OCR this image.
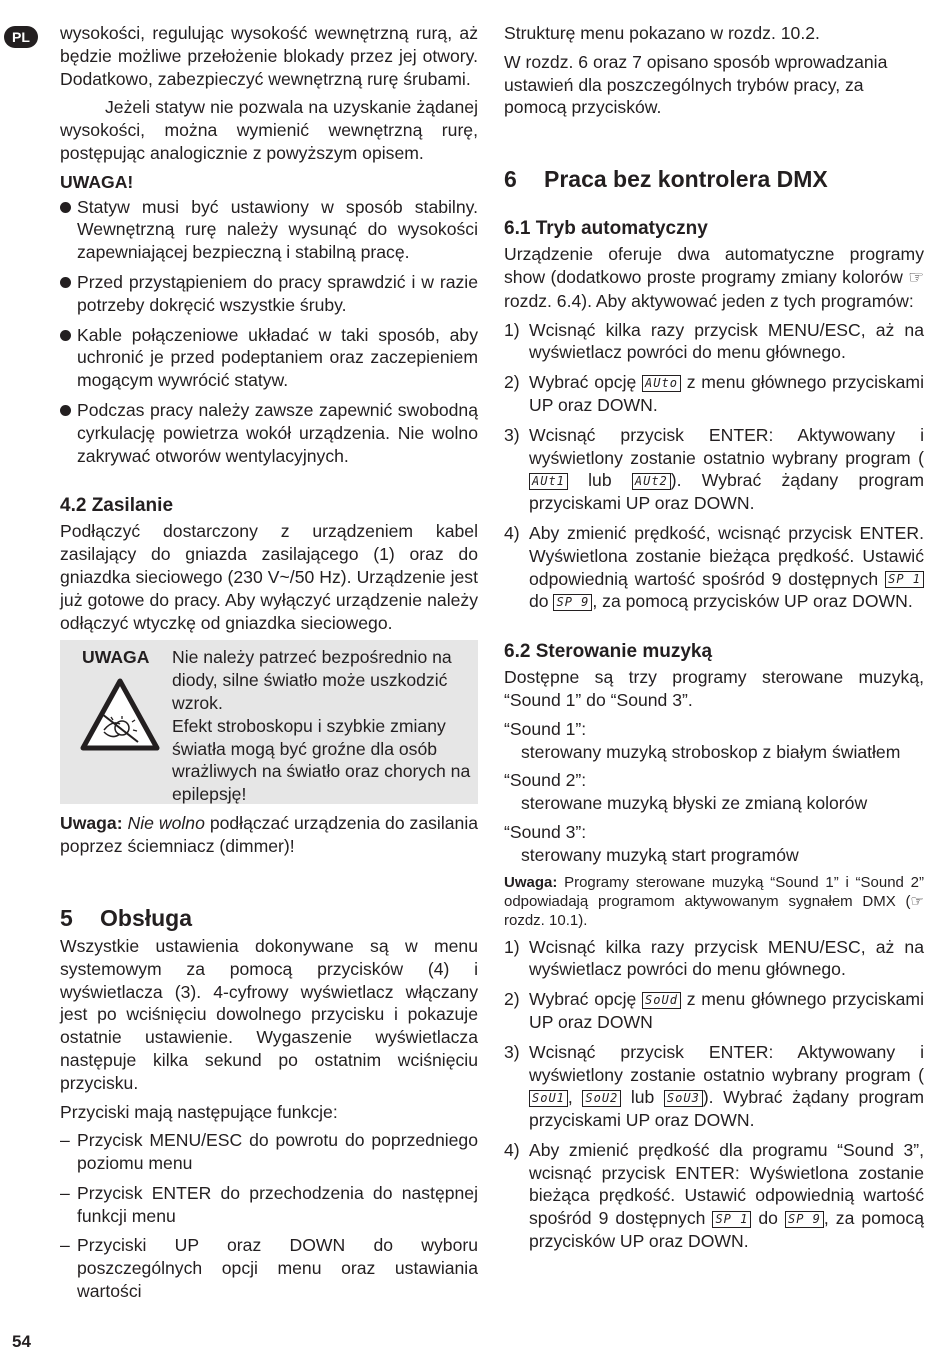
PL	wysokości, regulując wysokość wewnętrzną rurą, aż będzie możliwe przełożenie blokady przez jej otwory. Dodatkowo, zabezpieczyć wewnętrzną rurę śrubami.

Jeżeli statyw nie pozwala na uzyskanie żądanej wysokości, można wymienić wewnętrzną rurę, postępując analogicznie z powyższym opisem.

UWAGA!

Statyw musi być ustawiony w sposób stabilny. Wewnętrzną rurę należy wysunąć do wysokości zapewniającej bezpieczną i stabilną pracę.
Przed przystąpieniem do pracy sprawdzić i w razie potrzeby dokręcić wszystkie śruby.
Kable połączeniowe układać w taki sposób, aby uchronić je przed podeptaniem oraz zaczepieniem mogącym wywrócić statyw.
Podczas pracy należy zawsze zapewnić swobodną cyrkulację powietrza wokół urządzenia. Nie wolno zakrywać otworów wentylacyjnych.
4.2 Zasilanie

Podłączyć dostarczony z urządzeniem kabel zasilający do gniazda zasilającego (1) oraz do gniazdka sieciowego (230 V~/50 Hz). Urządzenie jest już gotowe do pracy. Aby wyłączyć urządzenie należy odłączyć wtyczkę od gniazdka sieciowego.

UWAGA Nie należy patrzeć bezpośrednio na diody, silne światło może uszkodzić wzrok.
Efekt stroboskopu i szybkie zmiany światła mogą być groźne dla osób wrażliwych na światło oraz chorych na epilepsję!

Uwaga: Nie wolno podłączać urządzenia do zasilania poprzez ściemniacz (dimmer)!

5 Obsługa

Wszystkie ustawienia dokonywane są w menu systemowym za pomocą przycisków (4) i wyświetlacza (3). 4-cyfrowy wyświetlacz włączany jest po wciśnięciu dowolnego przycisku i pokazuje ostatnie ustawienie. Wygaszenie wyświetlacza następuje kilka sekund po ostatnim wciśnięciu przycisku.

Przyciski mają następujące funkcje:

– Przycisk MENU/ESC do powrotu do poprzedniego poziomu menu
– Przycisk ENTER do przechodzenia do następnej funkcji menu
– Przyciski UP oraz DOWN do wyboru poszczególnych opcji menu oraz ustawiania wartości

Strukturę menu pokazano w rozdz. 10.2.

W rozdz. 6 oraz 7 opisano sposób wprowadzania ustawień dla poszczególnych trybów pracy, za pomocą przycisków.

6 Praca bez kontrolera DMX
6.1 Tryb automatyczny

Urządzenie oferuje dwa automatyczne programy show (dodatkowo proste programy zmiany kolorów ☞ rozdz. 6.4). Aby aktywować jeden z tych programów:

1) Wcisnąć kilka razy przycisk MENU/ESC, aż na wyświetlacz powróci do menu głównego.
2) Wybrać opcję AUto z menu głównego przyciskami UP oraz DOWN.
3) Wcisnąć przycisk ENTER: Aktywowany i wyświetlony zostanie ostatnio wybrany program (AUt1 lub AUt2 ). Wybrać żądany program przyciskami UP oraz DOWN.
4) Aby zmienić prędkość, wcisnąć przycisk ENTER. Wyświetlona zostanie bieżąca prędkość. Ustawić odpowiednią wartość spośród 9 dostępnych SP 1 do SP 9 , za pomocą przycisków UP oraz DOWN.
6.2 Sterowanie muzyką

Dostępne są trzy programy sterowane muzyką, “Sound 1” do “Sound 3”.

“Sound 1”:

sterowany muzyką stroboskop z białym światłem

“Sound 2”:

sterowane muzyką błyski ze zmianą kolorów

“Sound 3”:

sterowany muzyką start programów

Uwaga: Programy sterowane muzyką “Sound 1” i “Sound 2” odpowiadają programom aktywowanym sygnałem DMX (☞ rozdz. 10.1).

1) Wcisnąć kilka razy przycisk MENU/ESC, aż na wyświetlacz powróci do menu głównego.
2) Wybrać opcję SoUd z menu głównego przyciskami UP oraz DOWN
3) Wcisnąć przycisk ENTER: Aktywowany i wyświetlony zostanie ostatnio wybrany program (SoU1 , SoU2 lub SoU3 ). Wybrać żądany program przyciskami UP oraz DOWN.
4) Aby zmienić prędkość dla programu “Sound 3”, wcisnąć przycisk ENTER: Wyświetlona zostanie bieżąca prędkość. Ustawić odpowiednią wartość spośród 9 dostępnych SP 1 do SP 9 , za pomocą przycisków UP oraz DOWN.
54
